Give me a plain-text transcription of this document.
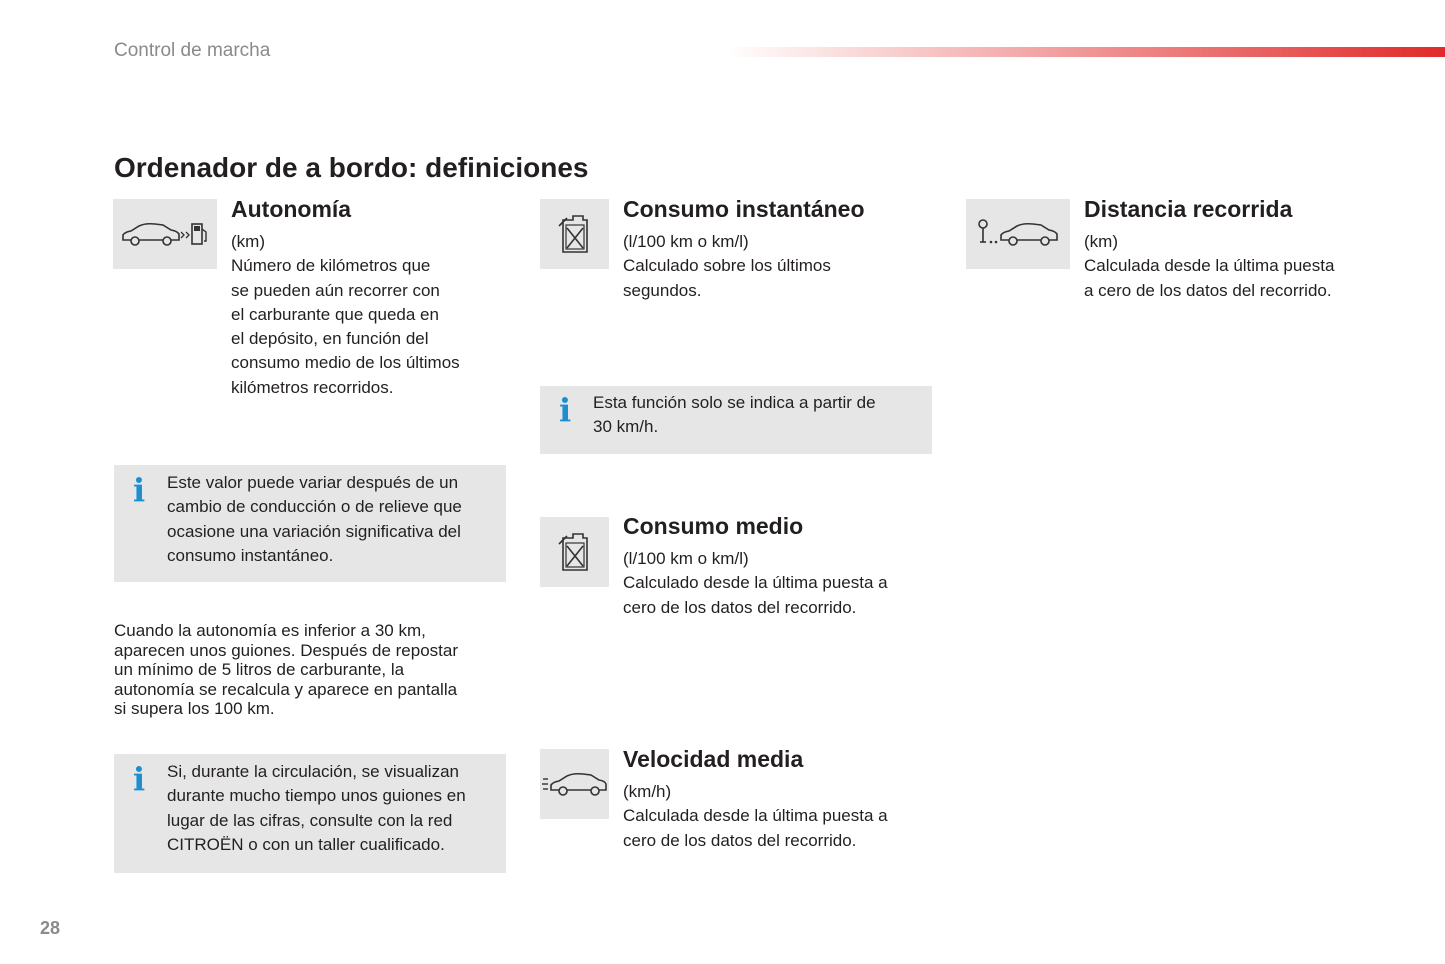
Control de marcha
Ordenador de a bordo: definiciones
Autonomía
(km)
Número de kilómetros que
se pueden aún recorrer con
el carburante que queda en
el depósito, en función del
consumo medio de los últimos
kilómetros recorridos.
Consumo instantáneo
(l/100 km o km/l)
Calculado sobre los últimos
segundos.
Distancia recorrida
(km)
Calculada desde la última puesta
a cero de los datos del recorrido.
i Esta función solo se indica a partir de
30 km/h.
i Este valor puede variar después de un
cambio de conducción o de relieve que
ocasione una variación significativa del
consumo instantáneo.
Consumo medio
(l/100 km o km/l)
Calculado desde la última puesta a
cero de los datos del recorrido.
Cuando la autonomía es inferior a 30 km,
aparecen unos guiones. Después de repostar
un mínimo de 5 litros de carburante, la
autonomía se recalcula y aparece en pantalla
si supera los 100 km.
Velocidad media
(km/h)
Calculada desde la última puesta a
cero de los datos del recorrido.
i Si, durante la circulación, se visualizan
durante mucho tiempo unos guiones en
lugar de las cifras, consulte con la red
CITROËN o con un taller cualificado.
28
